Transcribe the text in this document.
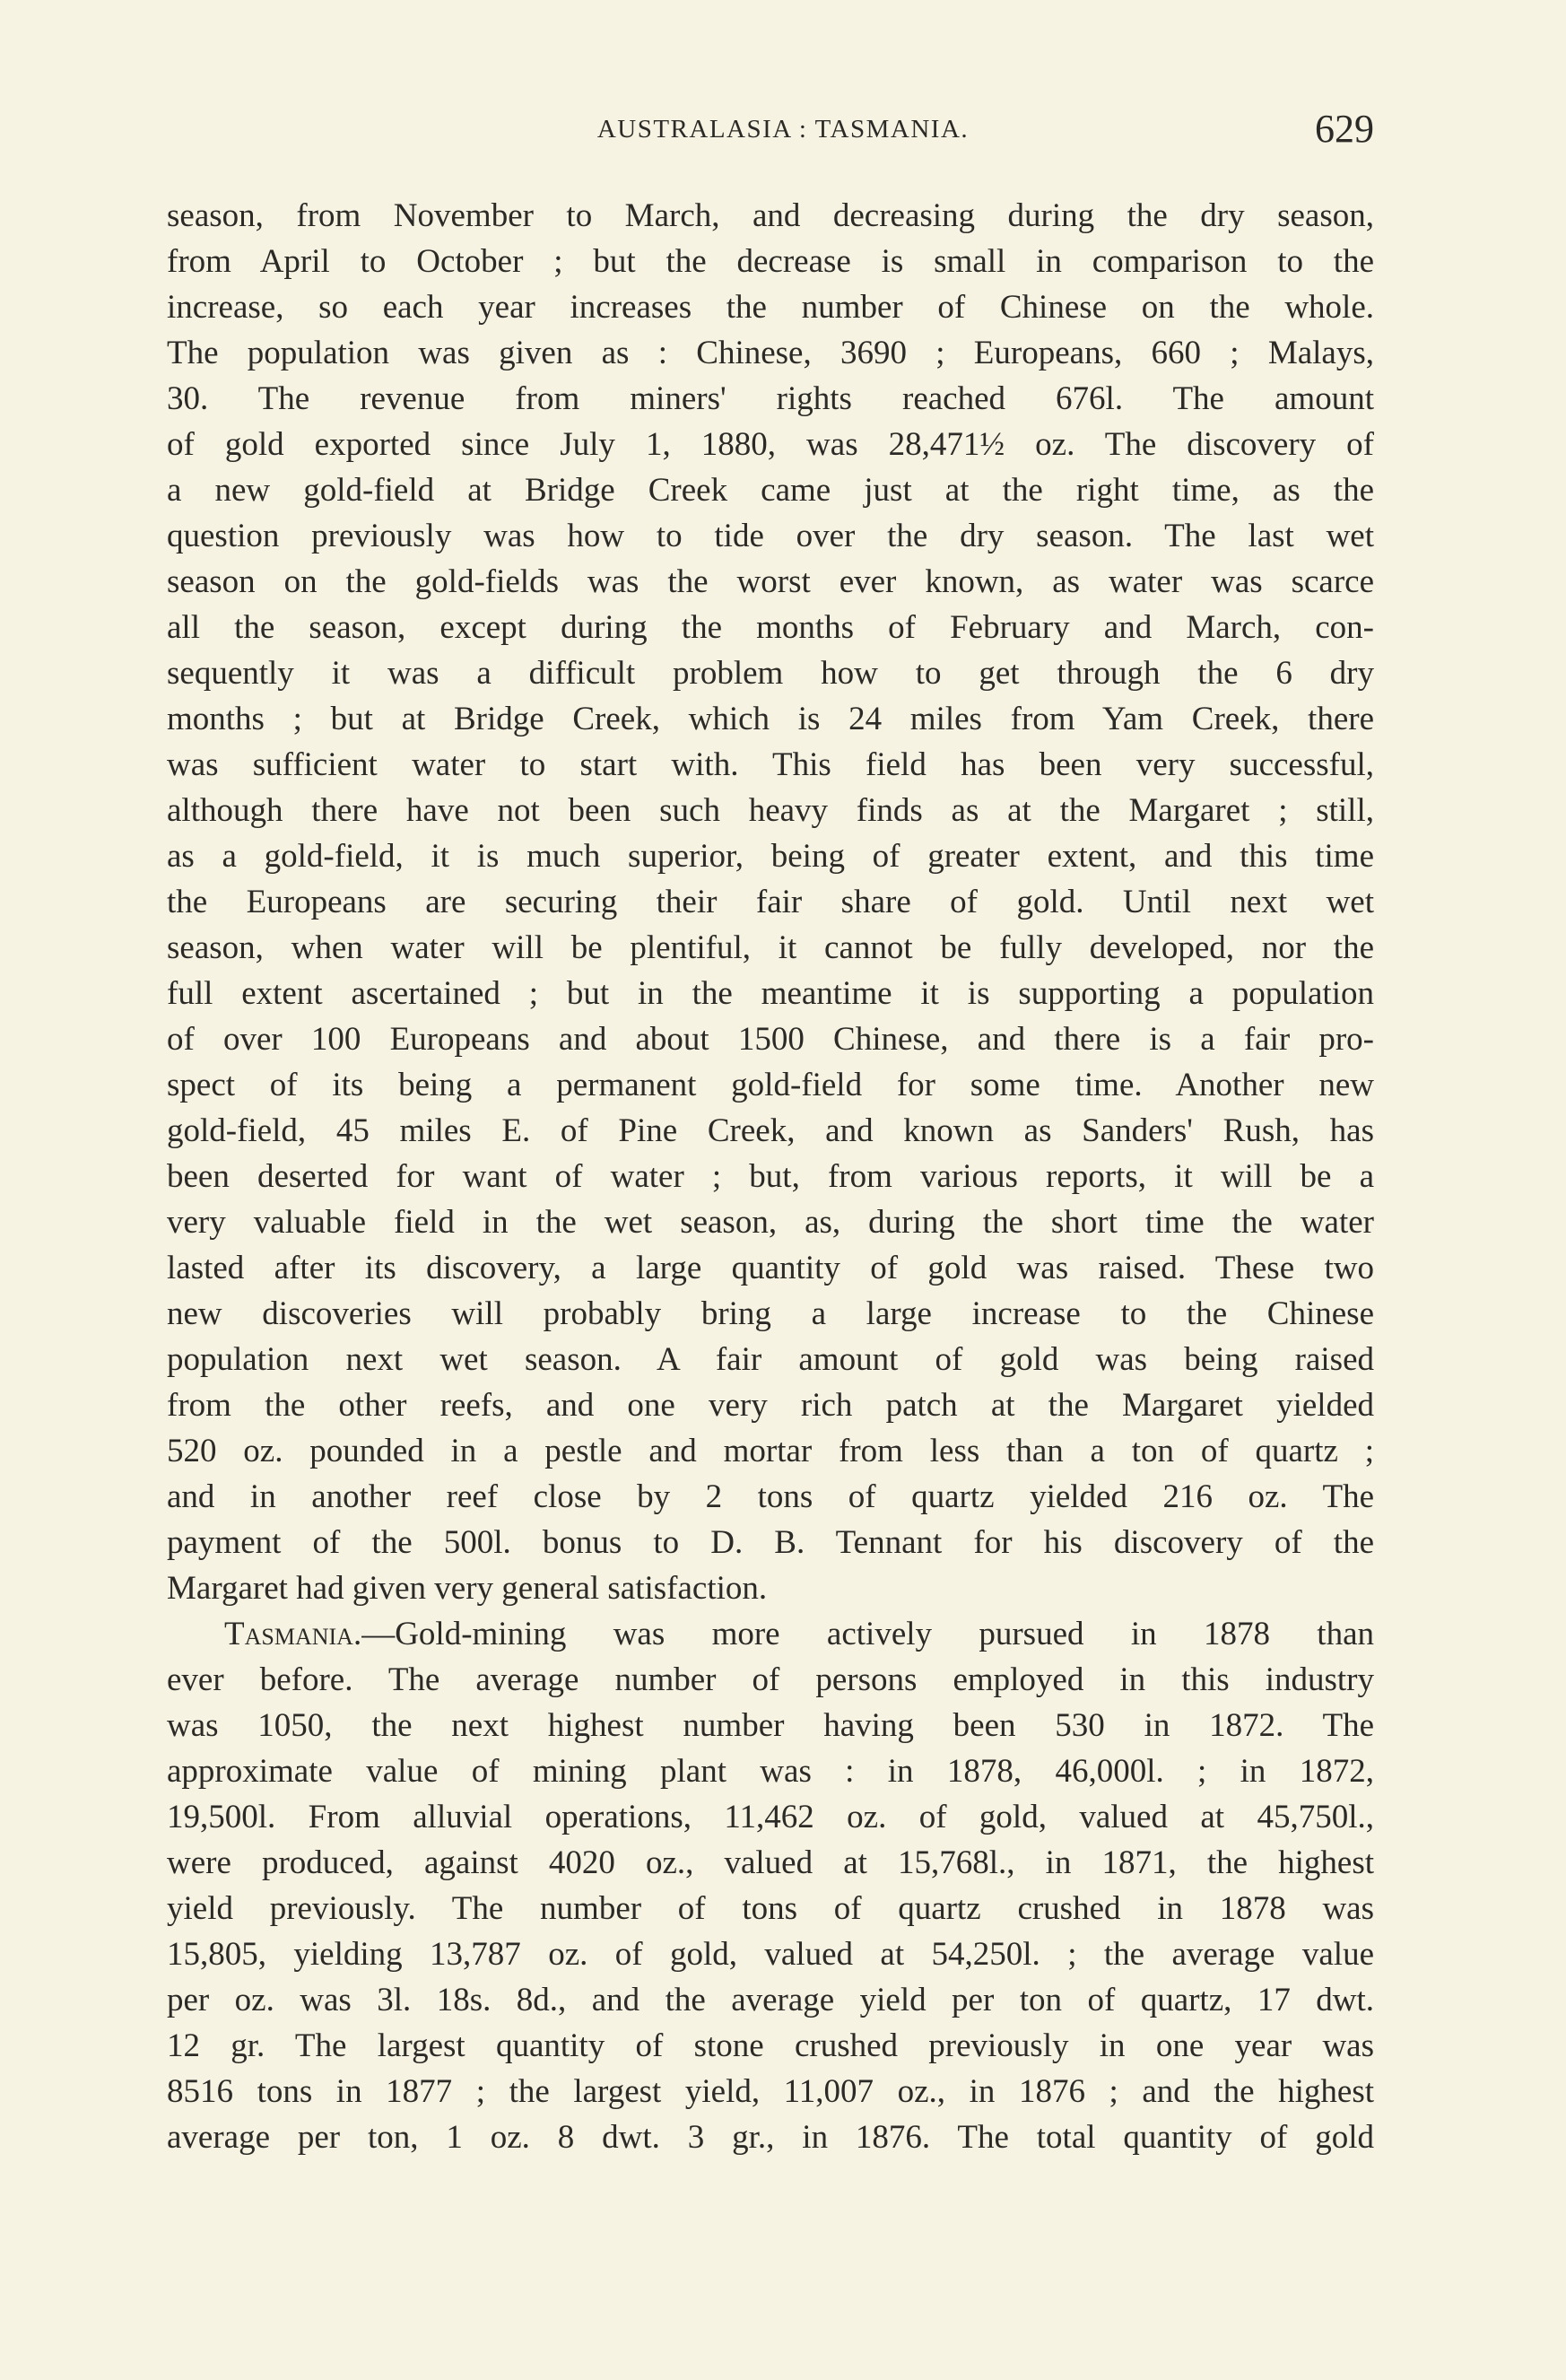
AUSTRALASIA : TASMANIA.	629
season, from November to March, and decreasing during the dry season,
from April to October ; but the decrease is small in comparison to the
increase, so each year increases the number of Chinese on the whole.
The population was given as : Chinese, 3690 ; Europeans, 660 ; Malays,
30. The revenue from miners' rights reached 676l. The amount
of gold exported since July 1, 1880, was 28,471½ oz. The discovery of
a new gold-field at Bridge Creek came just at the right time, as the
question previously was how to tide over the dry season. The last wet
season on the gold-fields was the worst ever known, as water was scarce
all the season, except during the months of February and March, con-
sequently it was a difficult problem how to get through the 6 dry
months ; but at Bridge Creek, which is 24 miles from Yam Creek, there
was sufficient water to start with. This field has been very successful,
although there have not been such heavy finds as at the Margaret ; still,
as a gold-field, it is much superior, being of greater extent, and this time
the Europeans are securing their fair share of gold. Until next wet
season, when water will be plentiful, it cannot be fully developed, nor the
full extent ascertained ; but in the meantime it is supporting a population
of over 100 Europeans and about 1500 Chinese, and there is a fair pro-
spect of its being a permanent gold-field for some time. Another new
gold-field, 45 miles E. of Pine Creek, and known as Sanders' Rush, has
been deserted for want of water ; but, from various reports, it will be a
very valuable field in the wet season, as, during the short time the water
lasted after its discovery, a large quantity of gold was raised. These two
new discoveries will probably bring a large increase to the Chinese
population next wet season. A fair amount of gold was being raised
from the other reefs, and one very rich patch at the Margaret yielded
520 oz. pounded in a pestle and mortar from less than a ton of quartz ;
and in another reef close by 2 tons of quartz yielded 216 oz. The
payment of the 500l. bonus to D. B. Tennant for his discovery of the
Margaret had given very general satisfaction.
Tasmania.—Gold-mining was more actively pursued in 1878 than
ever before. The average number of persons employed in this industry
was 1050, the next highest number having been 530 in 1872. The
approximate value of mining plant was : in 1878, 46,000l. ; in 1872,
19,500l. From alluvial operations, 11,462 oz. of gold, valued at 45,750l.,
were produced, against 4020 oz., valued at 15,768l., in 1871, the highest
yield previously. The number of tons of quartz crushed in 1878 was
15,805, yielding 13,787 oz. of gold, valued at 54,250l. ; the average value
per oz. was 3l. 18s. 8d., and the average yield per ton of quartz, 17 dwt.
12 gr. The largest quantity of stone crushed previously in one year was
8516 tons in 1877 ; the largest yield, 11,007 oz., in 1876 ; and the highest
average per ton, 1 oz. 8 dwt. 3 gr., in 1876. The total quantity of gold
